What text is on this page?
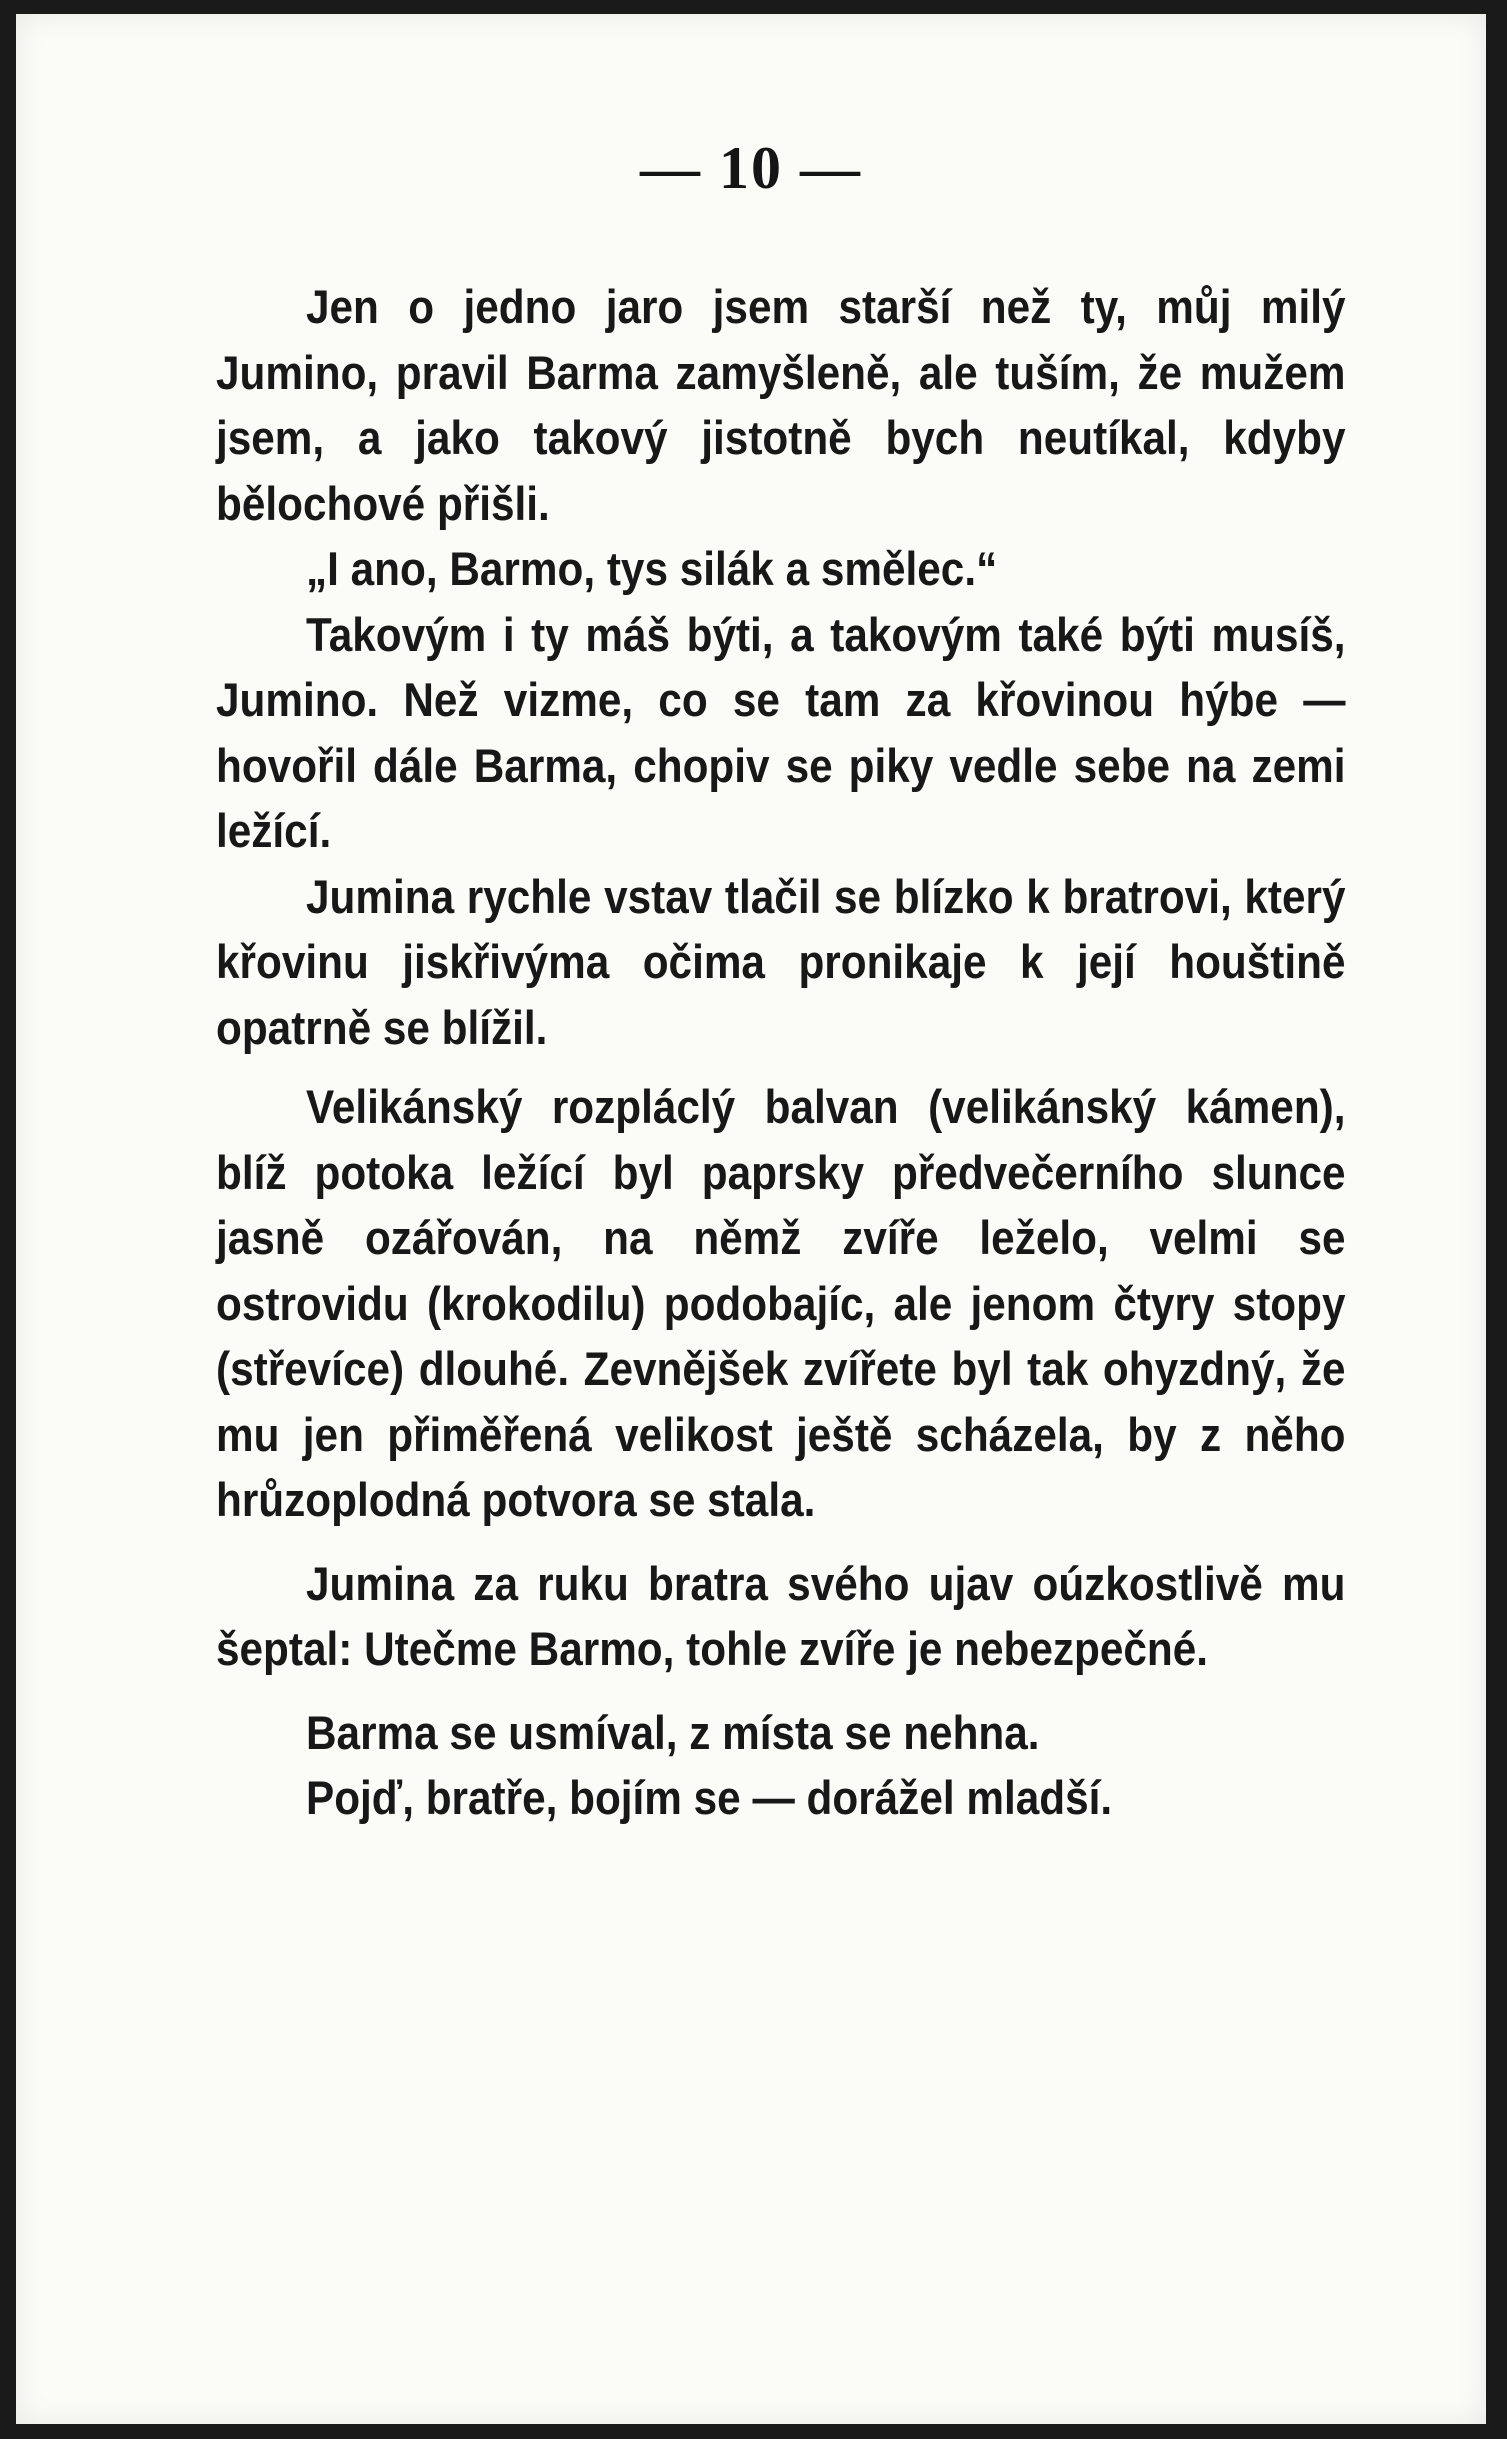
— 10 —

Jen o jedno jaro jsem starší než ty, můj milý Jumino, pravil Barma zamyšleně, ale tuším, že mužem jsem, a jako takový jistotně bych neutíkal, kdyby bělochové přišli.

„I ano, Barmo, tys silák a smělec.“

Takovým i ty máš býti, a takovým také býti musíš, Jumino. Než vizme, co se tam za křovinou hýbe — hovořil dále Barma, chopiv se piky vedle sebe na zemi ležící.

Jumina rychle vstav tlačil se blízko k bratrovi, který křovinu jiskřivýma očima pronikaje k její houštině opatrně se blížil.

Velikánský rozpláclý balvan (velikánský kámen), blíž potoka ležící byl paprsky předvečerního slunce jasně ozářován, na němž zvíře leželo, velmi se ostrovidu (krokodilu) podobajíc, ale jenom čtyry stopy (střevíce) dlouhé. Zevnějšek zvířete byl tak ohyzdný, že mu jen přiměřená velikost ještě scházela, by z něho hrůzoplodná potvora se stala.

Jumina za ruku bratra svého ujav oúzkostlivě mu šeptal: Utečme Barmo, tohle zvíře je nebezpečné.

Barma se usmíval, z místa se nehna.

Pojď, bratře, bojím se — dorážel mladší.
